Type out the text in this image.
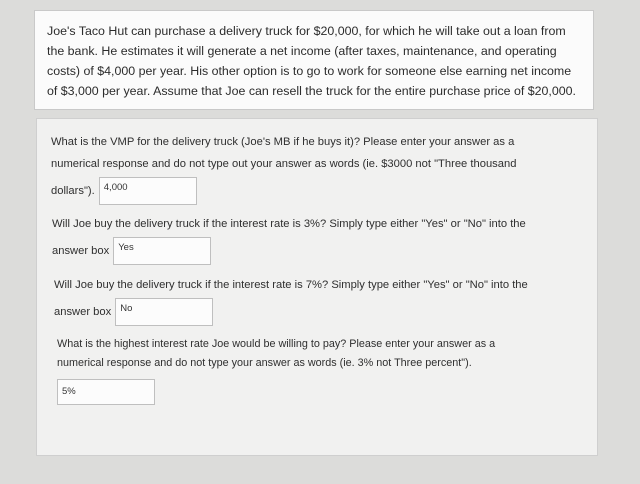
Joe's Taco Hut can purchase a delivery truck for $20,000, for which he will take out a loan from the bank. He estimates it will generate a net income (after taxes, maintenance, and operating costs) of $4,000 per year. His other option is to go to work for someone else earning net income of $3,000 per year. Assume that Joe can resell the truck for the entire purchase price of $20,000.
What is the VMP for the delivery truck (Joe's MB if he buys it)? Please enter your answer as a
numerical response and do not type out your answer as words (ie. $3000 not "Three thousand
dollars"). 4,000
Will Joe buy the delivery truck if the interest rate is 3%? Simply type either "Yes" or "No" into the
answer box Yes
Will Joe buy the delivery truck if the interest rate is 7%? Simply type either "Yes" or "No" into the
answer box No
What is the highest interest rate Joe would be willing to pay? Please enter your answer as a
numerical response and do not type your answer as words (ie. 3% not Three percent").
5%
